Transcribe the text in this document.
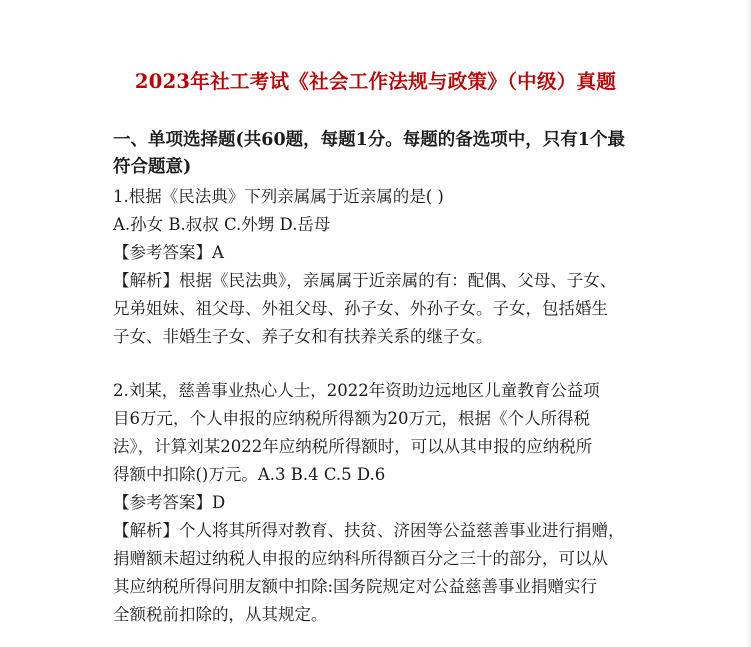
2023年社工考试《社会工作法规与政策》（中级）真题
一、单项选择题(共60题，每题1分。每题的备选项中，只有1个最
符合题意)

1.根据《民法典》下列亲属属于近亲属的是( )

A.孙女 B.叔叔 C.外甥 D.岳母

【参考答案】A

【解析】根据《民法典》，亲属属于近亲属的有：配偶、父母、子女、

兄弟姐妹、祖父母、外祖父母、孙子女、外孙子女。子女，包括婚生

子女、非婚生子女、养子女和有扶养关系的继子女。

2.刘某，慈善事业热心人士，2022年资助边远地区儿童教育公益项

目6万元，个人申报的应纳税所得额为20万元，根据《个人所得税

法》，计算刘某2022年应纳税所得额时，可以从其申报的应纳税所

得额中扣除()万元。A.3 B.4 C.5 D.6

【参考答案】D

【解析】个人将其所得对教育、扶贫、济困等公益慈善事业进行捐赠，

捐赠额未超过纳税人申报的应纳科所得额百分之三十的部分，可以从

其应纳税所得问朋友额中扣除:国务院规定对公益慈善事业捐赠实行

全额税前扣除的，从其规定。
